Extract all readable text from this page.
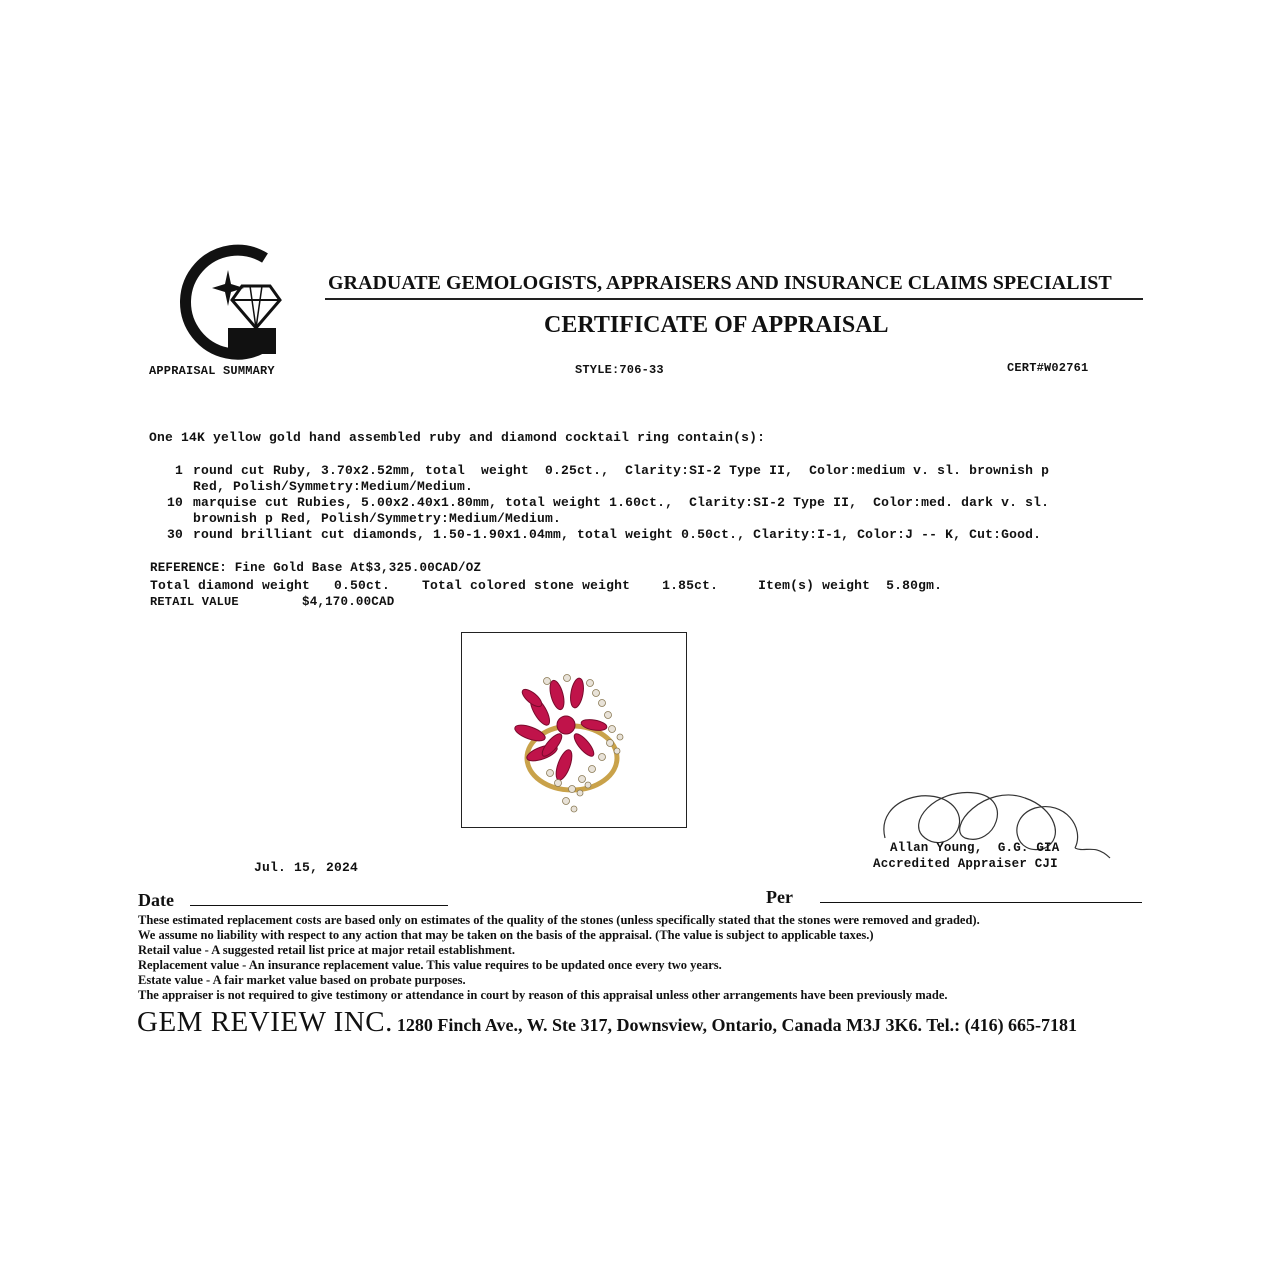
APPRAISAL SUMMARY
GRADUATE GEMOLOGISTS, APPRAISERS AND INSURANCE CLAIMS SPECIALIST
CERTIFICATE OF APPRAISAL
STYLE:706-33	CERT#W02761
One 14K yellow gold hand assembled ruby and diamond cocktail ring contain(s):
1 round cut Ruby, 3.70x2.52mm, total  weight  0.25ct.,  Clarity:SI-2 Type II,  Color:medium v. sl. brownish p
Red, Polish/Symmetry:Medium/Medium.
10 marquise cut Rubies, 5.00x2.40x1.80mm, total weight 1.60ct.,  Clarity:SI-2 Type II,  Color:med. dark v. sl.
brownish p Red, Polish/Symmetry:Medium/Medium.
30 round brilliant cut diamonds, 1.50-1.90x1.04mm, total weight 0.50ct., Clarity:I-1, Color:J -- K, Cut:Good.
REFERENCE: Fine Gold Base At$3,325.00CAD/OZ
Total diamond weight   0.50ct.    Total colored stone weight    1.85ct.     Item(s) weight  5.80gm.
RETAIL VALUE	$4,170.00CAD
Allan Young,  G.G. GIA
Accredited Appraiser CJI
Jul. 15, 2024
Date	Per
These estimated replacement costs are based only on estimates of the quality of the stones (unless specifically stated that the stones were removed and graded).
We assume no liability with respect to any action that may be taken on the basis of the appraisal. (The value is subject to applicable taxes.)
Retail value - A suggested retail list price at major retail establishment.
Replacement value - An insurance replacement value. This value requires to be updated once every two years.
Estate value - A fair market value based on probate purposes.
The appraiser is not required to give testimony or attendance in court by reason of this appraisal unless other arrangements have been previously made.
GEM REVIEW INC. 1280 Finch Ave., W. Ste 317, Downsview, Ontario, Canada M3J 3K6. Tel.: (416) 665-7181
